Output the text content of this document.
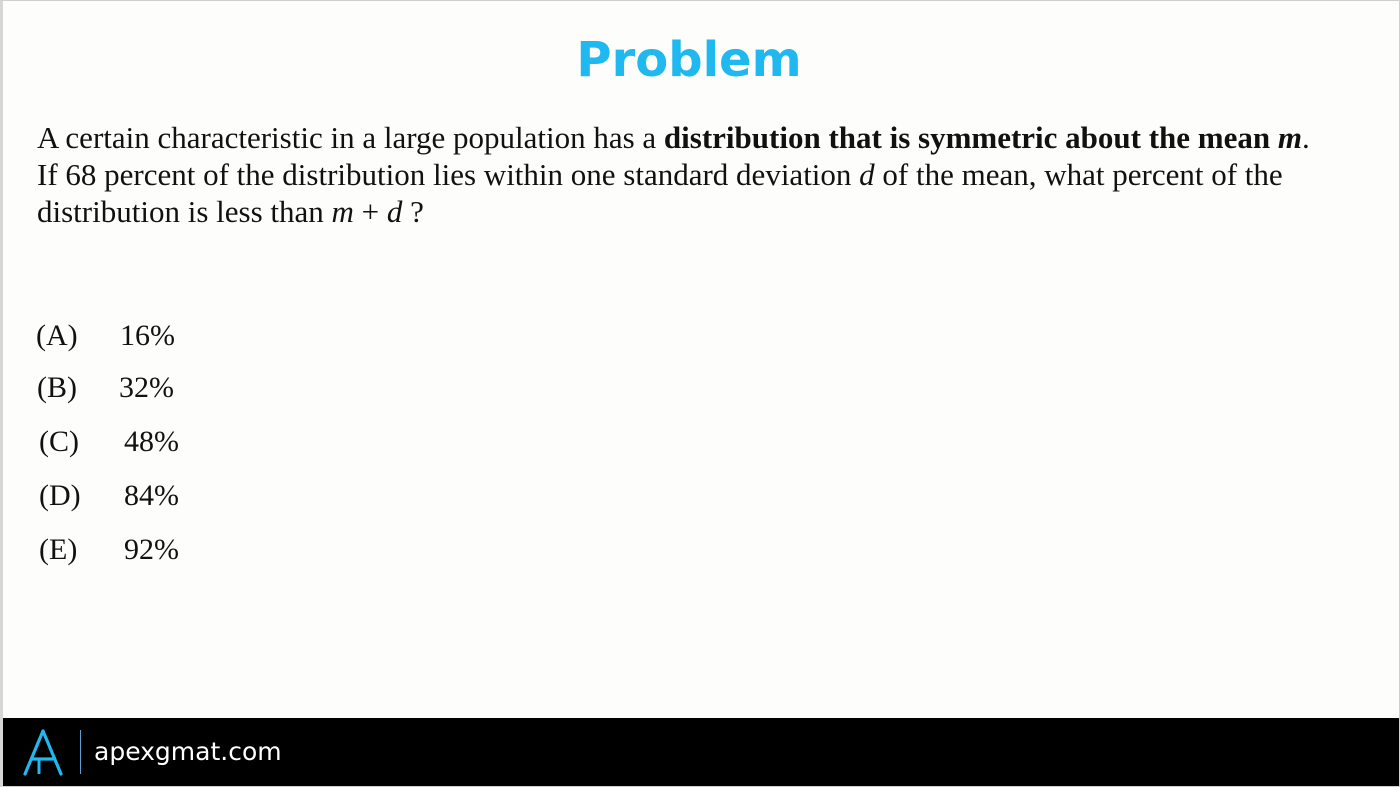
Problem
A certain characteristic in a large population has a distribution that is symmetric about the mean m.
If 68 percent of the distribution lies within one standard deviation d of the mean, what percent of the
distribution is less than m + d ?
(A) 16%
(B) 32%
(C) 48%
(D) 84%
(E) 92%
apexgmat.com
